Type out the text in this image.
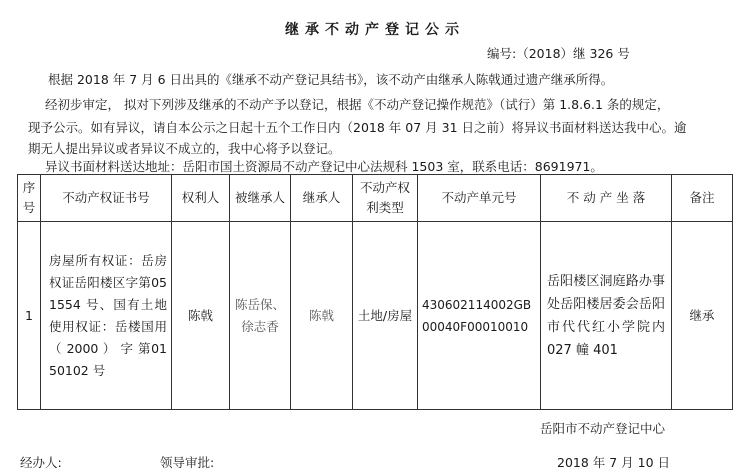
继承不动产登记公示
编号:（2018）继 326 号
根据 2018 年 7 月 6 日出具的《继承不动产登记具结书》，该不动产由继承人陈戟通过遗产继承所得。
经初步审定， 拟对下列涉及继承的不动产予以登记，根据《不动产登记操作规范》（试行）第 1.8.6.1 条的规定，
现予公示。如有异议，请自本公示之日起十五个工作日内（2018 年 07 月 31 日之前）将异议书面材料送达我中心。逾
期无人提出异议或者异议不成立的，我中心将予以登记。
异议书面材料送达地址：岳阳市国土资源局不动产登记中心法规科 1503 室，联系电话：8691971。
序号	不动产权证书号	权利人	被继承人	继承人	不动产权利类型	不动产单元号	不 动 产 坐 落	备注
1	房屋所有权证：岳房权证岳阳楼区字第051554 号、国有土地使用权证：岳楼国用（ 2000 ） 字 第0150102 号	陈戟	陈岳保、徐志香	陈戟	土地/房屋	430602114002GB00040F00010010	岳阳楼区洞庭路办事处岳阳楼居委会岳阳市代代红小学院内 027 幢 401	继承
岳阳市不动产登记中心
经办人:	领导审批:	2018 年 7 月 10 日
